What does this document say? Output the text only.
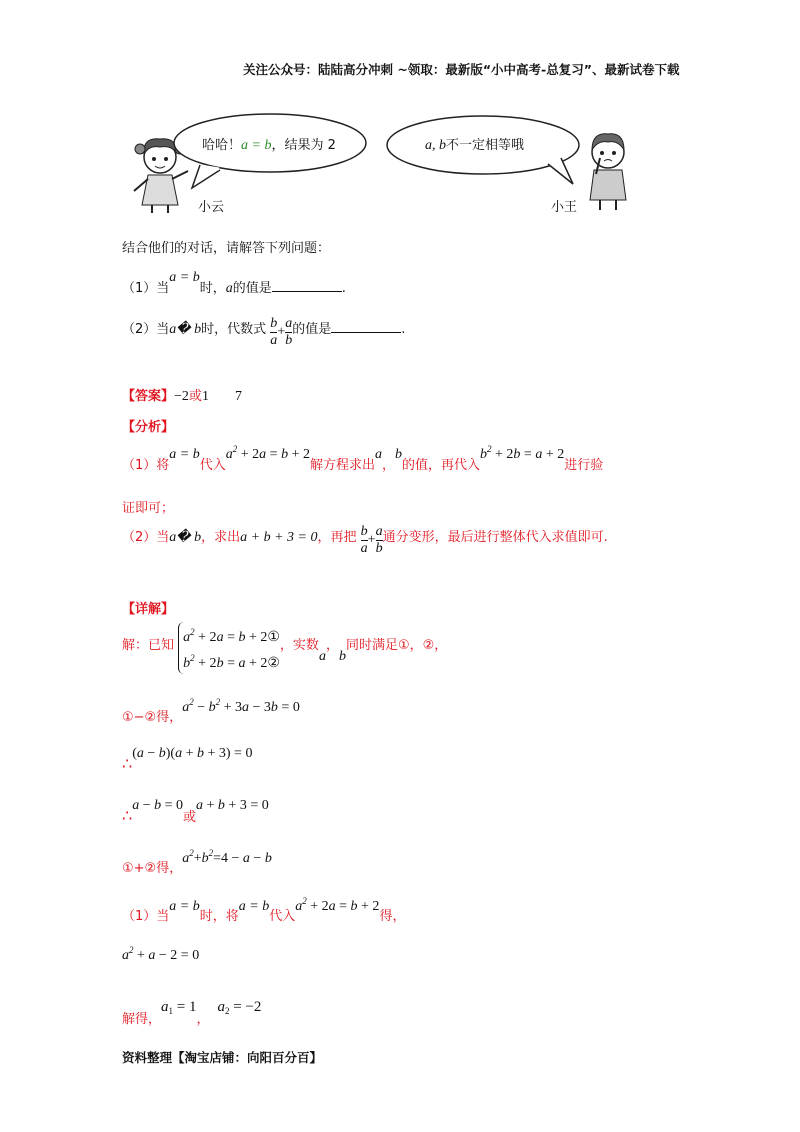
关注公众号：陆陆高分冲刺 ~领取：最新版“小中高考-总复习”、最新试卷下载
哈哈！a = b，结果为 2	a, b不一定相等哦
小云	小王
结合他们的对话，请解答下列问题：
（1）当a = b时，a的值是	.
（2）当a� b时，代数式 $\frac{b}{a} + \frac{a}{b}$ 的值是	.
【答案】−2或1 7
【分析】
（1）将a = b代入$a^2 + 2a = b + 2$解方程求出a，b的值，再代入$b^2 + 2b = a + 2$进行验
证即可；
（2）当a� b，求出a + b + 3 = 0，再把 $\frac{b}{a} + \frac{a}{b}$ 通分变形，最后进行整体代入求值即可.
【详解】
解：已知 $a^2 + 2a = b$ + 2①
$b^2 + 2b = a$ + 2②
，实数a，b同时满足①，②，
①−②得，$a^2 - b^2 + 3a - 3b = 0$
∴(a − b)(a + b + 3) = 0
∴a − b = 0或a + b + 3 = 0
①+②得，$a^2+b^2=4 - a - b$
（1）当a = b时，将a = b代入$a^2 + 2a = b + 2$得，
$a^2 + a - 2 = 0$
解得，$a_1 = 1$，$a_2 = -2$
资料整理【淘宝店铺：向阳百分百】
